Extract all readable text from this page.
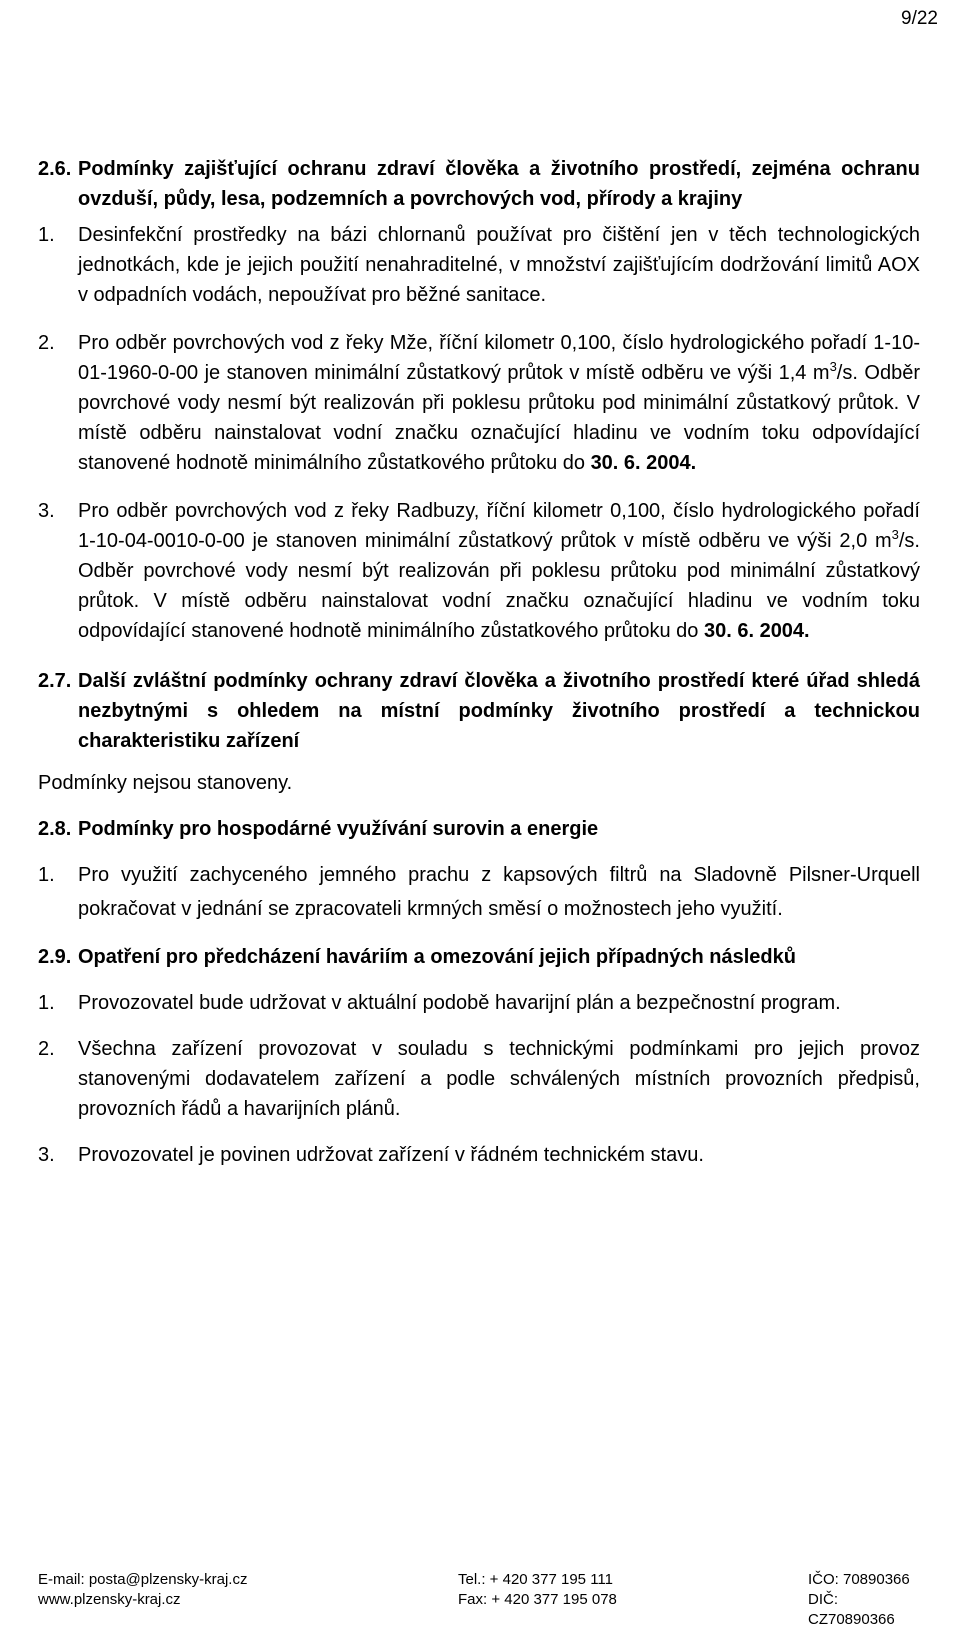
9/22
2.6. Podmínky zajišťující ochranu zdraví člověka a životního prostředí, zejména ochranu ovzduší, půdy, lesa, podzemních a povrchových vod, přírody a krajiny
1.	Desinfekční prostředky na bázi chlornanů používat pro čištění jen v těch technologických jednotkách, kde je jejich použití nenahraditelné, v množství zajišťujícím dodržování limitů AOX v odpadních vodách, nepoužívat pro běžné sanitace.
2.	Pro odběr povrchových vod z řeky Mže, říční kilometr 0,100, číslo hydrologického pořadí 1-10-01-1960-0-00 je stanoven minimální zůstatkový průtok v místě odběru ve výši 1,4 $m^3/s$. Odběr povrchové vody nesmí být realizován při poklesu průtoku pod minimální zůstatkový průtok. V místě odběru nainstalovat vodní značku označující hladinu ve vodním toku odpovídající stanovené hodnotě minimálního zůstatkového průtoku do 30. 6. 2004.
3.	Pro odběr povrchových vod z řeky Radbuzy, říční kilometr 0,100, číslo hydrologického pořadí 1-10-04-0010-0-00 je stanoven minimální zůstatkový průtok v místě odběru ve výši 2,0 $m^3/s$. Odběr povrchové vody nesmí být realizován při poklesu průtoku pod minimální zůstatkový průtok. V místě odběru nainstalovat vodní značku označující hladinu ve vodním toku odpovídající stanovené hodnotě minimálního zůstatkového průtoku do 30. 6. 2004.
2.7. Další zvláštní podmínky ochrany zdraví člověka a životního prostředí které úřad shledá nezbytnými s ohledem na místní podmínky životního prostředí a technickou charakteristiku zařízení
Podmínky nejsou stanoveny.
2.8. Podmínky pro hospodárné využívání surovin a energie
1.	Pro využití zachyceného jemného prachu z kapsových filtrů na Sladovně Pilsner-Urquell pokračovat v jednání se zpracovateli krmných směsí o možnostech jeho využití.
2.9. Opatření pro předcházení haváriím a omezování jejich případných následků
1.	Provozovatel bude udržovat v aktuální podobě havarijní plán a bezpečnostní program.
2.	Všechna zařízení provozovat v souladu s technickými podmínkami pro jejich provoz stanovenými dodavatelem zařízení a podle schválených místních provozních předpisů, provozních řádů a havarijních plánů.
3.	Provozovatel je povinen udržovat zařízení v řádném technickém stavu.
E-mail: posta@plzensky-kraj.cz	Tel.: + 420 377 195 111	IČO: 70890366
www.plzensky-kraj.cz	Fax: + 420 377 195 078	DIČ: CZ70890366
